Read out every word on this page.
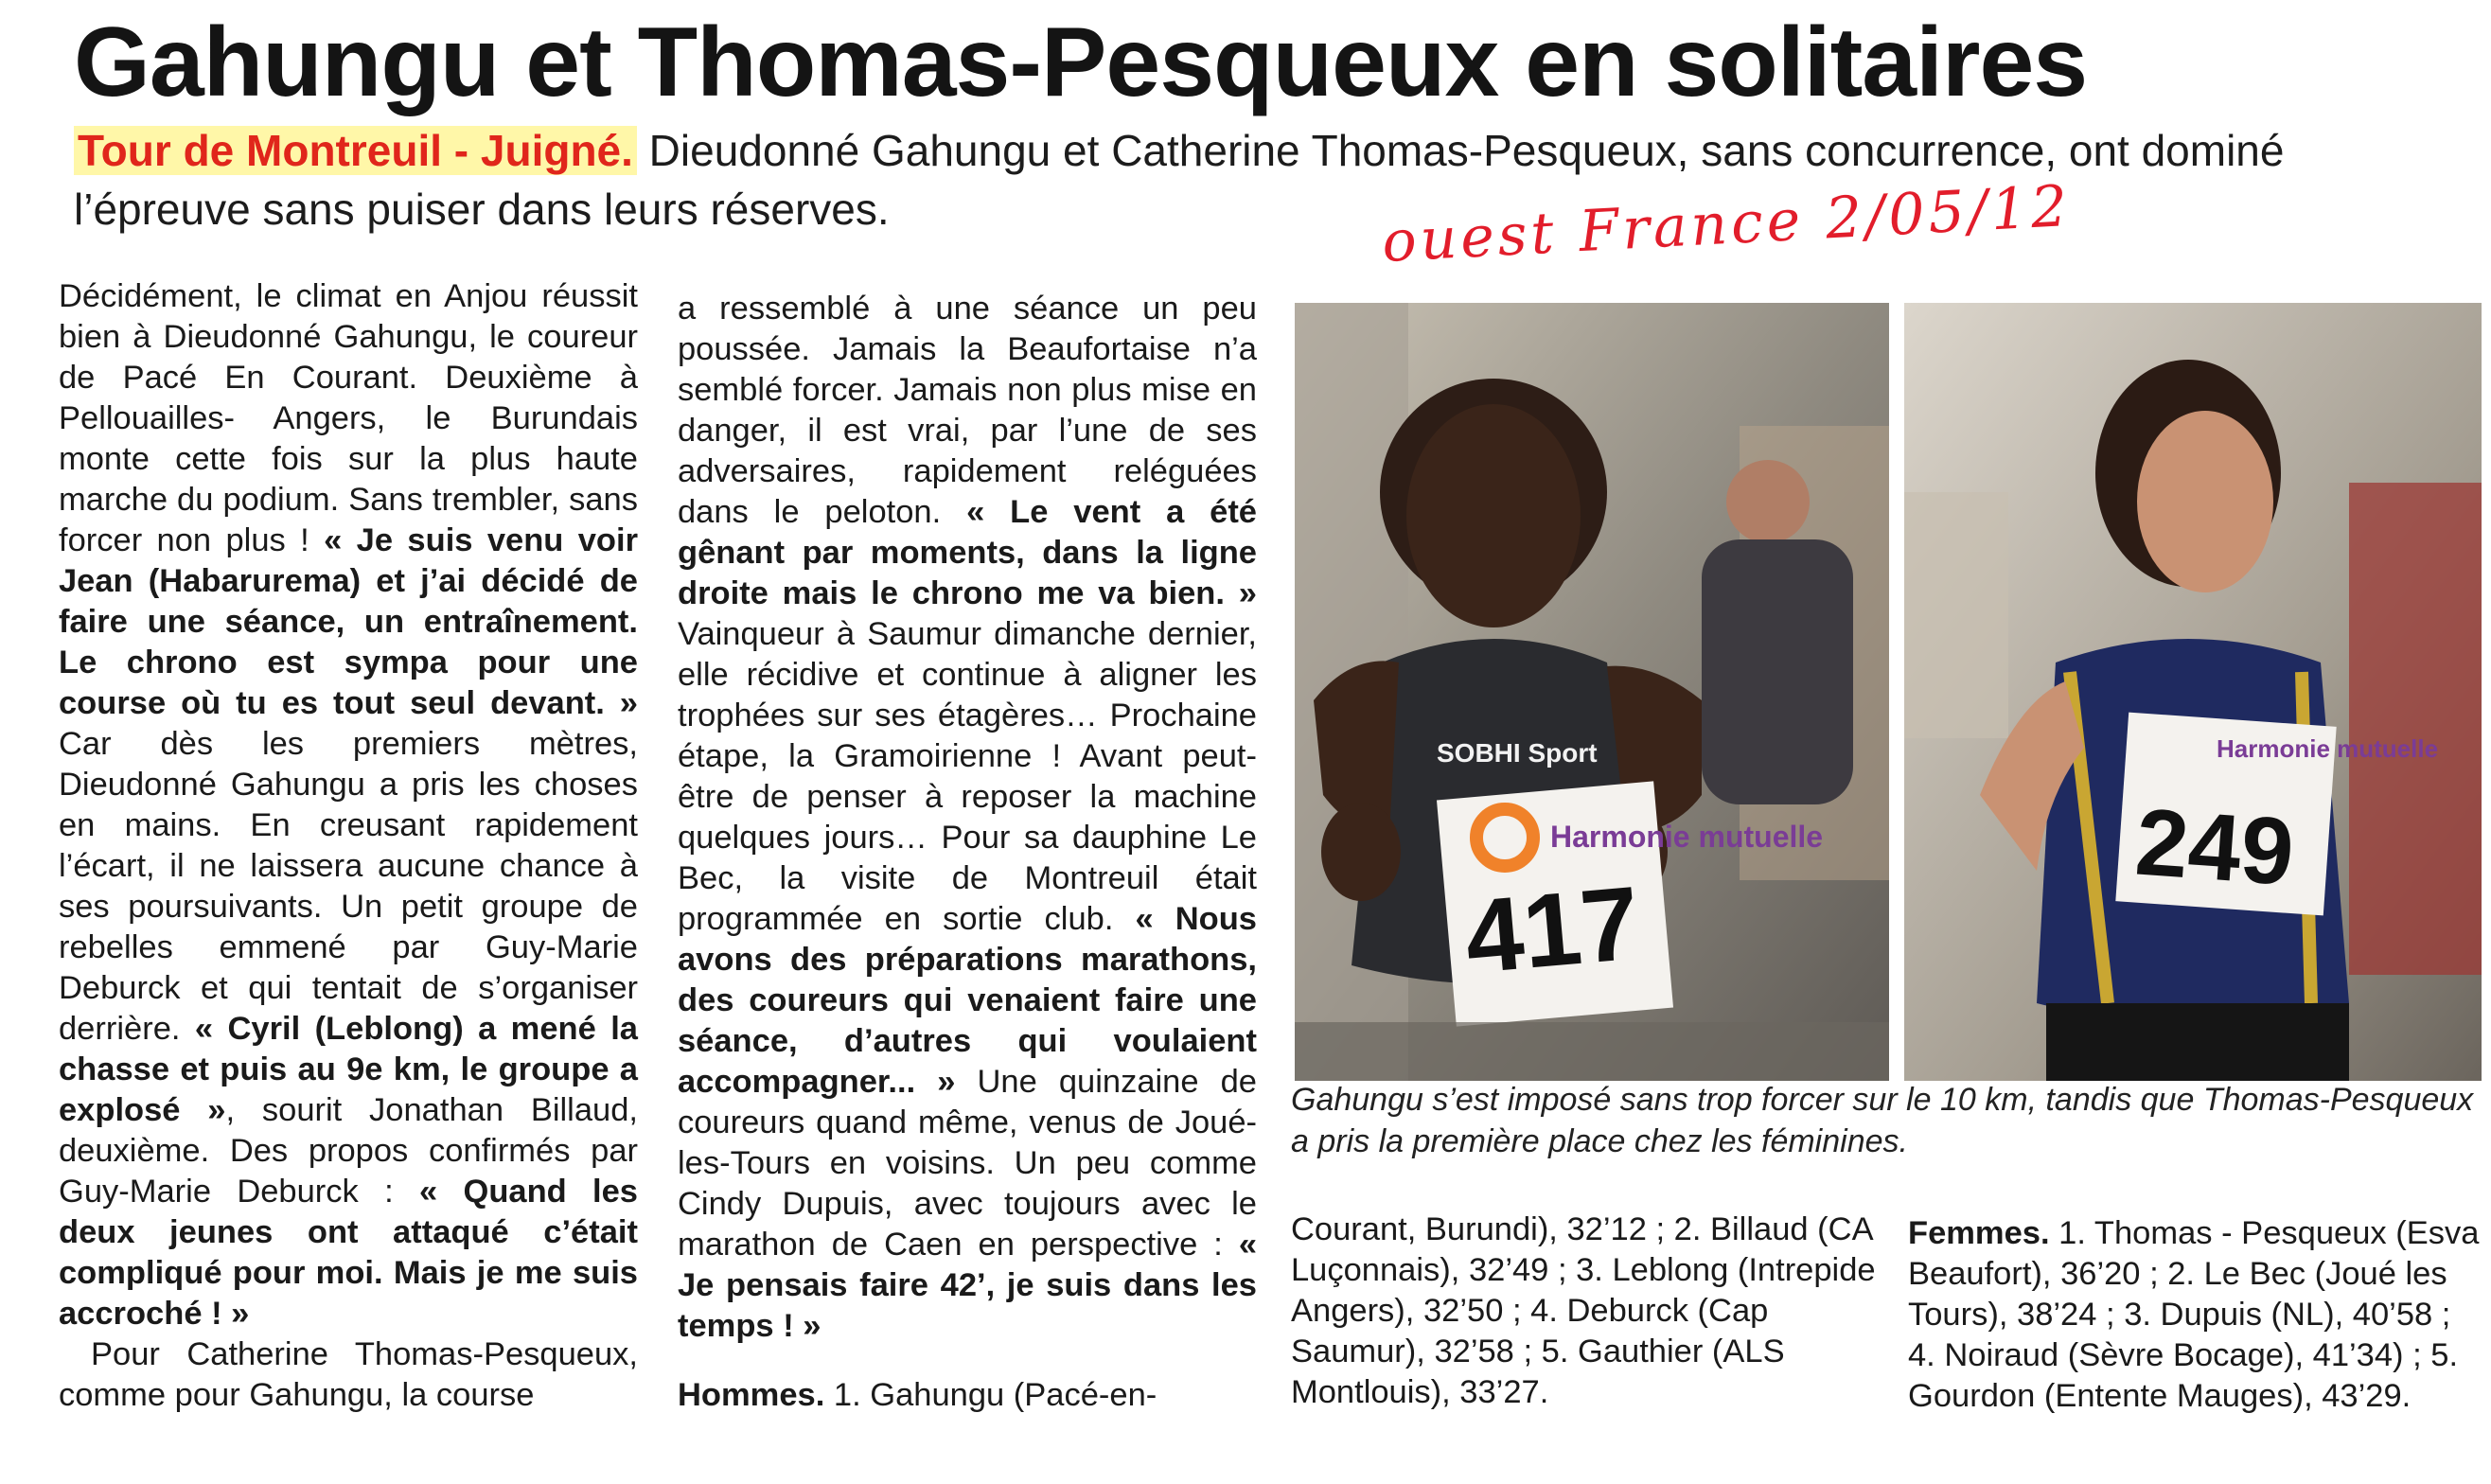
Gahungu et Thomas-Pesqueux en solitaires

Tour de Montreuil - Juigné. Dieudonné Gahungu et Catherine Thomas-Pesqueux, sans concurrence, ont dominé l’épreuve sans puiser dans leurs réserves.	ouest France 2/05/12

Décidément, le climat en Anjou réussit bien à Dieudonné Gahungu, le coureur de Pacé En Courant. Deuxième à Pellouailles- Angers, le Burundais monte cette fois sur la plus haute marche du podium. Sans trembler, sans forcer non plus ! « Je suis venu voir Jean (Habarurema) et j’ai décidé de faire une séance, un entraînement. Le chrono est sympa pour une course où tu es tout seul devant. » Car dès les premiers mètres, Dieudonné Gahungu a pris les choses en mains. En creusant rapidement l’écart, il ne laissera aucune chance à ses poursuivants. Un petit groupe de rebelles emmené par Guy-Marie Deburck et qui tentait de s’organiser derrière. « Cyril (Leblong) a mené la chasse et puis au 9e km, le groupe a explosé », sourit Jonathan Billaud, deuxième. Des propos confirmés par Guy-Marie Deburck : « Quand les deux jeunes ont attaqué c’était compliqué pour moi. Mais je me suis accroché ! »

Pour Catherine Thomas-Pesqueux, comme pour Gahungu, la course

a ressemblé à une séance un peu poussée. Jamais la Beaufortaise n’a semblé forcer. Jamais non plus mise en danger, il est vrai, par l’une de ses adversaires, rapidement reléguées dans le peloton. « Le vent a été gênant par moments, dans la ligne droite mais le chrono me va bien. » Vainqueur à Saumur dimanche dernier, elle récidive et continue à aligner les trophées sur ses étagères… Prochaine étape, la Gramoirienne ! Avant peut-être de penser à reposer la machine quelques jours… Pour sa dauphine Le Bec, la visite de Montreuil était programmée en sortie club. « Nous avons des préparations marathons, des coureurs qui venaient faire une séance, d’autres qui voulaient accompagner... » Une quinzaine de coureurs quand même, venus de Joué-les-Tours en voisins. Un peu comme Cindy Dupuis, avec toujours avec le marathon de Caen en perspective : « Je pensais faire 42’, je suis dans les temps ! »

Hommes. 1. Gahungu (Pacé-en-

Harmonie mutuelle
417
SOBHI Sport	Harmonie mutuelle
249

Gahungu s’est imposé sans trop forcer sur le 10 km, tandis que Thomas-Pesqueux a pris la première place chez les féminines.

Courant, Burundi), 32’12 ; 2. Billaud (CA Luçonnais), 32’49 ; 3. Leblong (Intrepide Angers), 32’50 ; 4. Deburck (Cap Saumur), 32’58 ; 5. Gauthier (ALS Montlouis), 33’27.

Femmes. 1. Thomas - Pesqueux (Esva Beaufort), 36’20 ; 2. Le Bec (Joué les Tours), 38’24 ; 3. Dupuis (NL), 40’58 ; 4. Noiraud (Sèvre Bocage), 41’34) ; 5. Gourdon (Entente Mauges), 43’29.
